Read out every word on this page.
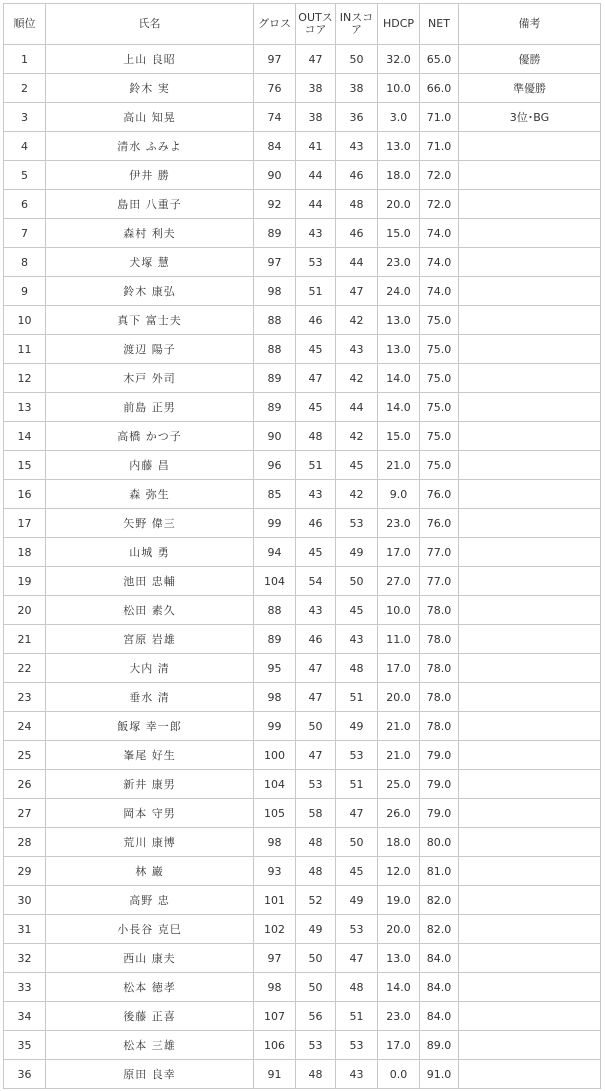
順位	氏名	グロス	OUTスコア	INスコア	HDCP	NET	備考
1	上山 良昭	97	47	50	32.0	65.0	優勝
2	鈴木 実	76	38	38	10.0	66.0	準優勝
3	高山 知晃	74	38	36	3.0	71.0	3位･BG
4	清水 ふみよ	84	41	43	13.0	71.0	
5	伊井 勝	90	44	46	18.0	72.0	
6	島田 八重子	92	44	48	20.0	72.0	
7	森村 利夫	89	43	46	15.0	74.0	
8	犬塚 慧	97	53	44	23.0	74.0	
9	鈴木 康弘	98	51	47	24.0	74.0	
10	真下 富士夫	88	46	42	13.0	75.0	
11	渡辺 陽子	88	45	43	13.0	75.0	
12	木戸 外司	89	47	42	14.0	75.0	
13	前島 正男	89	45	44	14.0	75.0	
14	高橋 かつ子	90	48	42	15.0	75.0	
15	内藤 昌	96	51	45	21.0	75.0	
16	森 弥生	85	43	42	9.0	76.0	
17	矢野 偉三	99	46	53	23.0	76.0	
18	山城 勇	94	45	49	17.0	77.0	
19	池田 忠輔	104	54	50	27.0	77.0	
20	松田 素久	88	43	45	10.0	78.0	
21	宮原 岩雄	89	46	43	11.0	78.0	
22	大内 清	95	47	48	17.0	78.0	
23	垂水 清	98	47	51	20.0	78.0	
24	飯塚 幸一郎	99	50	49	21.0	78.0	
25	峯尾 好生	100	47	53	21.0	79.0	
26	新井 康男	104	53	51	25.0	79.0	
27	岡本 守男	105	58	47	26.0	79.0	
28	荒川 康博	98	48	50	18.0	80.0	
29	林 巌	93	48	45	12.0	81.0	
30	高野 忠	101	52	49	19.0	82.0	
31	小長谷 克巳	102	49	53	20.0	82.0	
32	西山 康夫	97	50	47	13.0	84.0	
33	松本 徳孝	98	50	48	14.0	84.0	
34	後藤 正喜	107	56	51	23.0	84.0	
35	松本 三雄	106	53	53	17.0	89.0	
36	原田 良幸	91	48	43	0.0	91.0	
